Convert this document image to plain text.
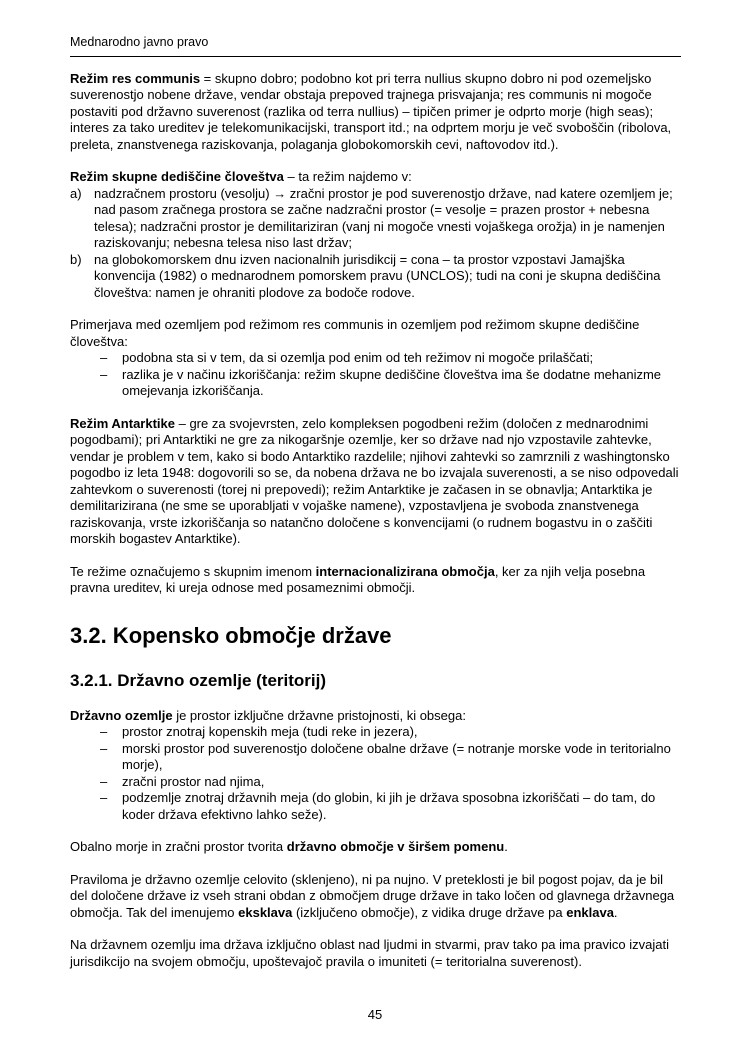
Mednarodno javno pravo

Režim res communis = skupno dobro; podobno kot pri terra nullius skupno dobro ni pod ozemeljsko suverenostjo nobene države, vendar obstaja prepoved trajnega prisvajanja; res communis ni mogoče postaviti pod državno suverenost (razlika od terra nullius) – tipičen primer je odprto morje (high seas); interes za tako ureditev je telekomunikacijski, transport itd.; na odprtem morju je več svoboščin (ribolova, preleta, znanstvenega raziskovanja, polaganja globokomorskih cevi, naftovodov itd.).

Režim skupne dediščine človeštva – ta režim najdemo v:

a) nadzračnem prostoru (vesolju) → zračni prostor je pod suverenostjo države, nad katere ozemljem je; nad pasom zračnega prostora se začne nadzračni prostor (= vesolje = prazen prostor + nebesna telesa); nadzračni prostor je demilitariziran (vanj ni mogoče vnesti vojaškega orožja) in je namenjen raziskovanju; nebesna telesa niso last držav;
b) na globokomorskem dnu izven nacionalnih jurisdikcij = cona – ta prostor vzpostavi Jamajška konvencija (1982) o mednarodnem pomorskem pravu (UNCLOS); tudi na coni je skupna dediščina človeštva: namen je ohraniti plodove za bodoče rodove.

Primerjava med ozemljem pod režimom res communis in ozemljem pod režimom skupne dediščine človeštva:

–	podobna sta si v tem, da si ozemlja pod enim od teh režimov ni mogoče prilaščati;
–	razlika je v načinu izkoriščanja: režim skupne dediščine človeštva ima še dodatne mehanizme omejevanja izkoriščanja.

Režim Antarktike – gre za svojevrsten, zelo kompleksen pogodbeni režim (določen z mednarodnimi pogodbami); pri Antarktiki ne gre za nikogaršnje ozemlje, ker so države nad njo vzpostavile zahtevke, vendar je problem v tem, kako si bodo Antarktiko razdelile; njihovi zahtevki so zamrznili z washingtonsko pogodbo iz leta 1948: dogovorili so se, da nobena država ne bo izvajala suverenosti, a se niso odpovedali zahtevkom o suverenosti (torej ni prepovedi); režim Antarktike je začasen in se obnavlja; Antarktika je demilitarizirana (ne sme se uporabljati v vojaške namene), vzpostavljena je svoboda znanstvenega raziskovanja, vrste izkoriščanja so natančno določene s konvencijami (o rudnem bogastvu in o zaščiti morskih bogastev Antarktike).

Te režime označujemo s skupnim imenom internacionalizirana območja, ker za njih velja posebna pravna ureditev, ki ureja odnose med posameznimi območji.

3.2. Kopensko območje države
3.2.1. Državno ozemlje (teritorij)

Državno ozemlje je prostor izključne državne pristojnosti, ki obsega:

–	prostor znotraj kopenskih meja (tudi reke in jezera),
–	morski prostor pod suverenostjo določene obalne države (= notranje morske vode in teritorialno morje),
–	zračni prostor nad njima,
–	podzemlje znotraj državnih meja (do globin, ki jih je država sposobna izkoriščati – do tam, do koder država efektivno lahko seže).

Obalno morje in zračni prostor tvorita državno območje v širšem pomenu.

Praviloma je državno ozemlje celovito (sklenjeno), ni pa nujno. V preteklosti je bil pogost pojav, da je bil del določene države iz vseh strani obdan z območjem druge države in tako ločen od glavnega državnega območja. Tak del imenujemo eksklava (izključeno območje), z vidika druge države pa enklava.

Na državnem ozemlju ima država izključno oblast nad ljudmi in stvarmi, prav tako pa ima pravico izvajati jurisdikcijo na svojem območju, upoštevajoč pravila o imuniteti (= teritorialna suverenost).

45
